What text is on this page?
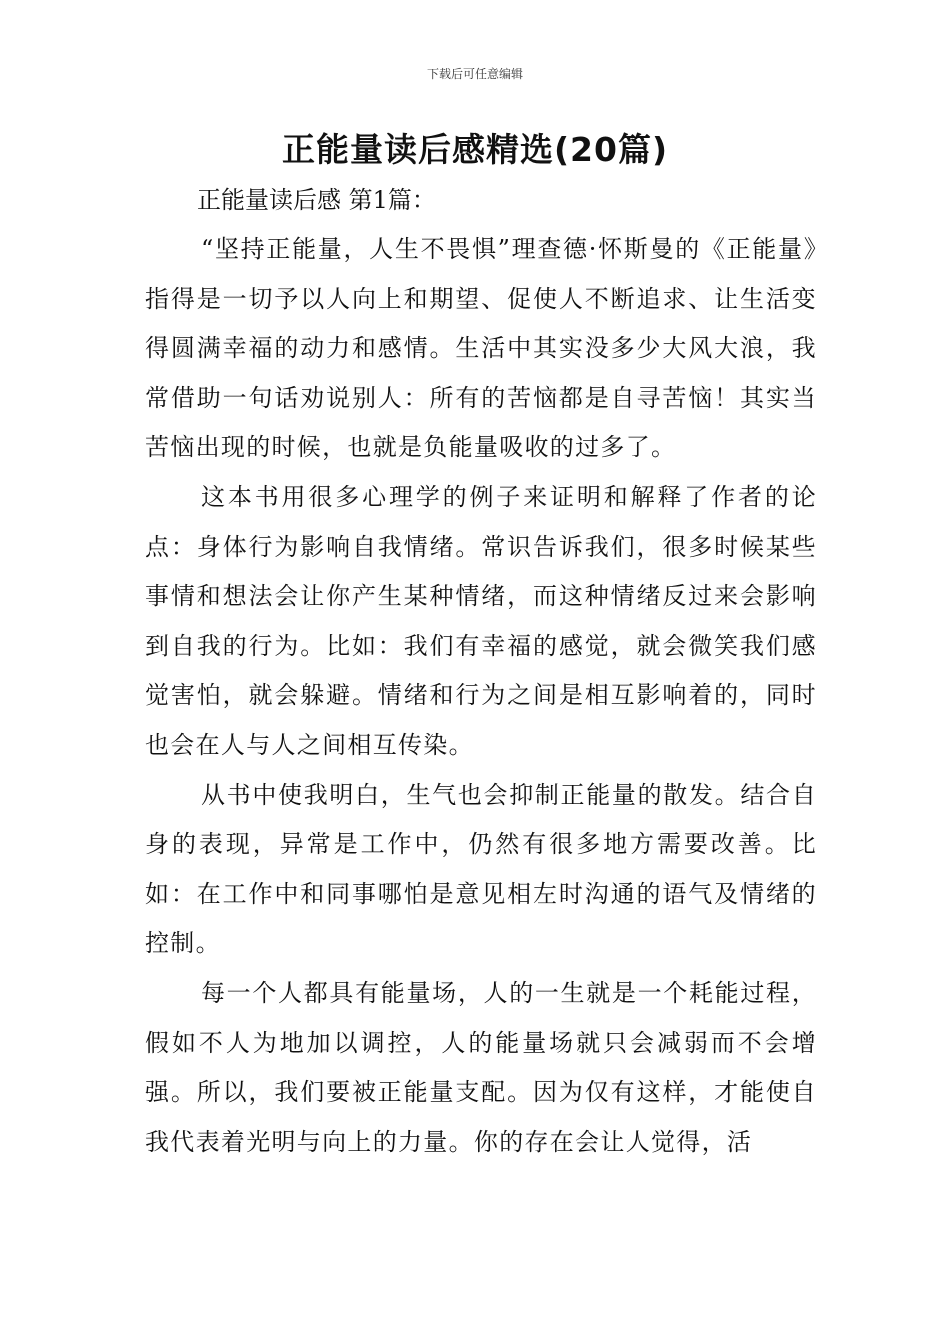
下载后可任意编辑
正能量读后感精选(20篇)

正能量读后感 第1篇：

“坚持正能量，人生不畏惧”理查德·怀斯曼的《正能量》指得是一切予以人向上和期望、促使人不断追求、让生活变得圆满幸福的动力和感情。生活中其实没多少大风大浪，我常借助一句话劝说别人：所有的苦恼都是自寻苦恼！其实当苦恼出现的时候，也就是负能量吸收的过多了。

这本书用很多心理学的例子来证明和解释了作者的论点：身体行为影响自我情绪。常识告诉我们，很多时候某些事情和想法会让你产生某种情绪，而这种情绪反过来会影响到自我的行为。比如：我们有幸福的感觉，就会微笑我们感觉害怕，就会躲避。情绪和行为之间是相互影响着的，同时也会在人与人之间相互传染。

从书中使我明白，生气也会抑制正能量的散发。结合自身的表现，异常是工作中，仍然有很多地方需要改善。比如：在工作中和同事哪怕是意见相左时沟通的语气及情绪的控制。

每一个人都具有能量场，人的一生就是一个耗能过程，假如不人为地加以调控，人的能量场就只会减弱而不会增强。所以，我们要被正能量支配。因为仅有这样，才能使自我代表着光明与向上的力量。你的存在会让人觉得，活
